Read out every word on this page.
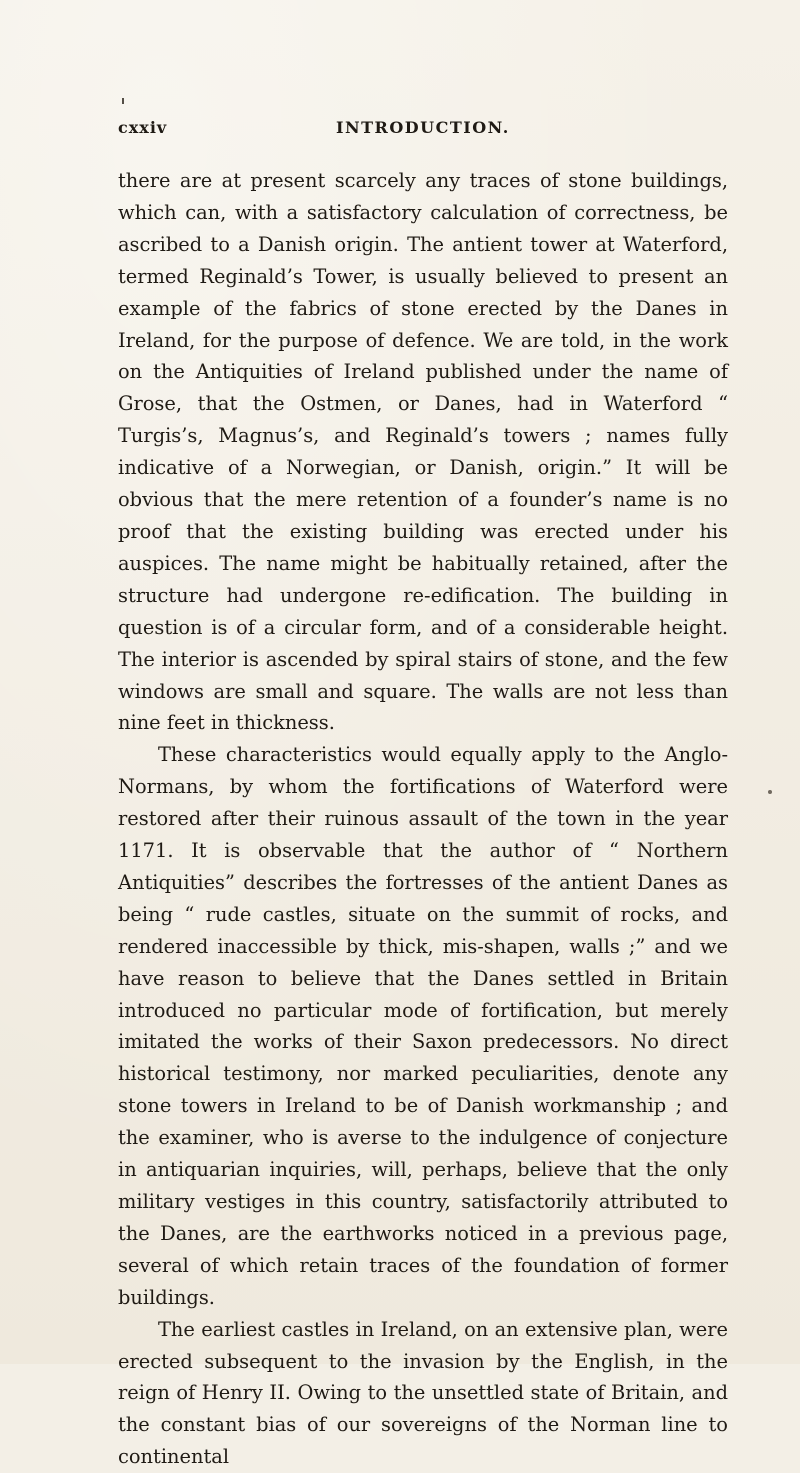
cxxiv	INTRODUCTION.

there are at present scarcely any traces of stone buildings, which can, with a satisfactory calculation of correctness, be ascribed to a Danish origin. The antient tower at Waterford, termed Reginald’s Tower, is usually believed to present an example of the fabrics of stone erected by the Danes in Ireland, for the purpose of defence. We are told, in the work on the Antiquities of Ireland published under the name of Grose, that the Ostmen, or Danes, had in Waterford “ Turgis’s, Magnus’s, and Reginald’s towers ; names fully indicative of a Norwegian, or Danish, origin.” It will be obvious that the mere retention of a founder’s name is no proof that the existing building was erected under his auspices. The name might be habitually retained, after the structure had undergone re-edification. The building in question is of a circular form, and of a considerable height. The interior is ascended by spiral stairs of stone, and the few windows are small and square. The walls are not less than nine feet in thickness.

These characteristics would equally apply to the Anglo-Normans, by whom the fortifications of Waterford were restored after their ruinous assault of the town in the year 1171. It is observable that the author of “ Northern Antiquities” describes the fortresses of the antient Danes as being “ rude castles, situate on the summit of rocks, and rendered inaccessible by thick, mis-shapen, walls ;” and we have reason to believe that the Danes settled in Britain introduced no particular mode of fortification, but merely imitated the works of their Saxon predecessors. No direct historical testimony, nor marked peculiarities, denote any stone towers in Ireland to be of Danish workmanship ; and the examiner, who is averse to the indulgence of conjecture in antiquarian inquiries, will, perhaps, believe that the only military vestiges in this country, satisfactorily attributed to the Danes, are the earthworks noticed in a previous page, several of which retain traces of the foundation of former buildings.

The earliest castles in Ireland, on an extensive plan, were erected subsequent to the invasion by the English, in the reign of Henry II. Owing to the unsettled state of Britain, and the constant bias of our sovereigns of the Norman line to continental
